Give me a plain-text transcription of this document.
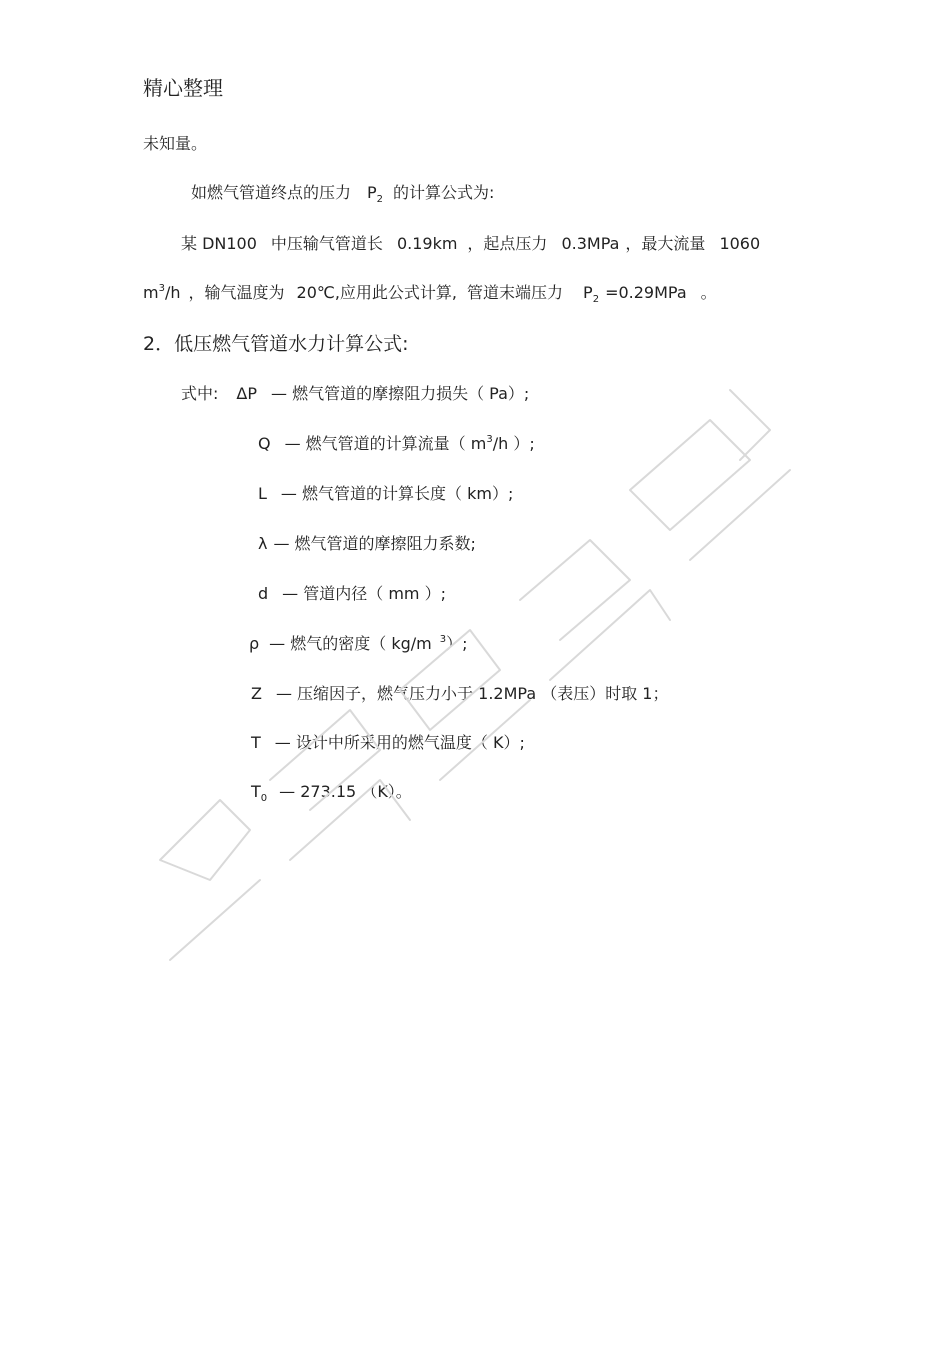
精心整理
未知量。
如燃气管道终点的压力 $P_2$ 的计算公式为:
某 DN100 中压输气管道长 0.19km ，起点压力 0.3MPa ，最大流量 1060
$m^3/h$ ，输气温度为 20℃,应用此公式计算, 管道末端压力 $P_2 =0.29MPa$ 。
2．低压燃气管道水力计算公式:
式中: ΔP — 燃气管道的摩擦阻力损失（ Pa）;
Q — 燃气管道的计算流量（ $m^3/h$ ）;
L — 燃气管道的计算长度（ km）;
λ — 燃气管道的摩擦阻力系数;
d — 管道内径（ mm ）;
ρ — 燃气的密度（ kg/m $^3$）;
Z — 压缩因子，燃气压力小于 1.2MPa （表压）时取 1；
T — 设计中所采用的燃气温度（ K）;
$T_0$ — 273.15 （K）。
